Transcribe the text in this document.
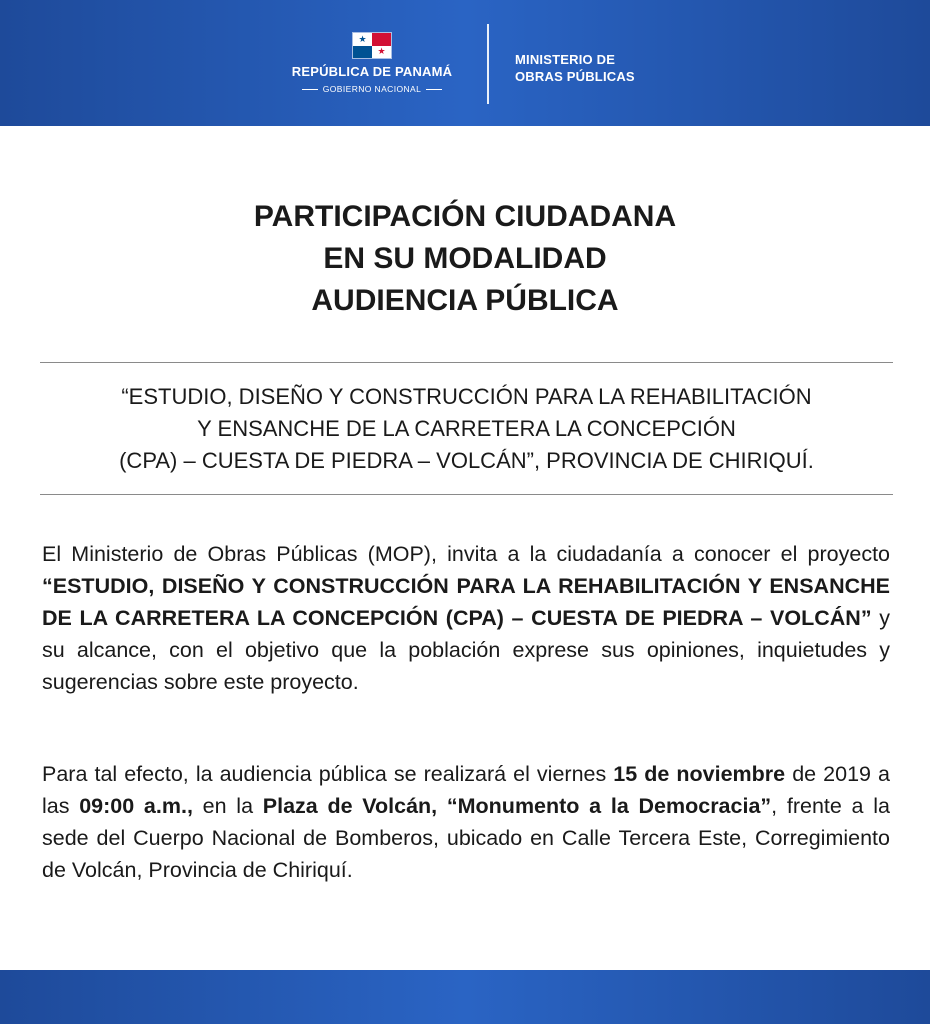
★
★
REPÚBLICA DE PANAMÁ
GOBIERNO NACIONAL
MINISTERIO DE
OBRAS PÚBLICAS
PARTICIPACIÓN CIUDADANA
EN SU MODALIDAD
AUDIENCIA PÚBLICA
“ESTUDIO, DISEÑO Y CONSTRUCCIÓN PARA LA REHABILITACIÓN
Y ENSANCHE DE LA CARRETERA LA CONCEPCIÓN
(CPA) – CUESTA DE PIEDRA – VOLCÁN”, PROVINCIA DE CHIRIQUÍ.
El Ministerio de Obras Públicas (MOP), invita a la ciudadanía a conocer el proyecto “ESTUDIO, DISEÑO Y CONSTRUCCIÓN PARA LA REHABILITACIÓN Y ENSANCHE DE LA CARRETERA LA CONCEPCIÓN (CPA) – CUESTA DE PIEDRA – VOLCÁN” y su alcance, con el objetivo que la población exprese sus opiniones, inquietudes y sugerencias sobre este proyecto.
Para tal efecto, la audiencia pública se realizará el viernes 15 de noviembre de 2019 a las 09:00 a.m., en la Plaza de Volcán, “Monumento a la Democracia”, frente a la sede del Cuerpo Nacional de Bomberos, ubicado en Calle Tercera Este, Corregimiento de Volcán, Provincia de Chiriquí.
